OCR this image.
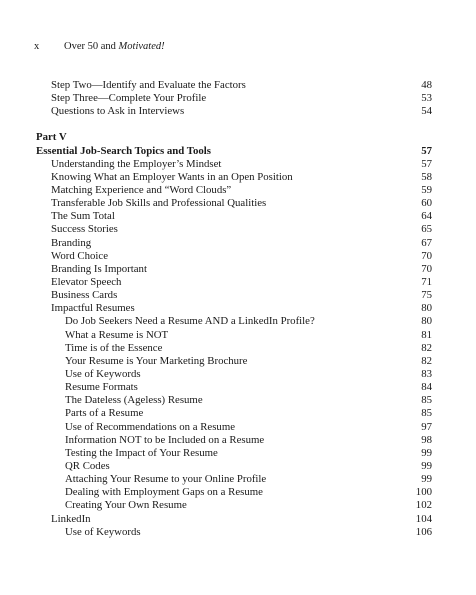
x Over 50 and Motivated!
Step Two—Identify and Evaluate the Factors	48
Step Three—Complete Your Profile	53
Questions to Ask in Interviews	54
Part V
Essential Job-Search Topics and Tools	57
Understanding the Employer’s Mindset	57
Knowing What an Employer Wants in an Open Position	58
Matching Experience and “Word Clouds”	59
Transferable Job Skills and Professional Qualities	60
The Sum Total	64
Success Stories	65
Branding	67
Word Choice	70
Branding Is Important	70
Elevator Speech	71
Business Cards	75
Impactful Resumes	80
Do Job Seekers Need a Resume AND a LinkedIn Profile?	80
What a Resume is NOT	81
Time is of the Essence	82
Your Resume is Your Marketing Brochure	82
Use of Keywords	83
Resume Formats	84
The Dateless (Ageless) Resume	85
Parts of a Resume	85
Use of Recommendations on a Resume	97
Information NOT to be Included on a Resume	98
Testing the Impact of Your Resume	99
QR Codes	99
Attaching Your Resume to your Online Profile	99
Dealing with Employment Gaps on a Resume	100
Creating Your Own Resume	102
LinkedIn	104
Use of Keywords	106
